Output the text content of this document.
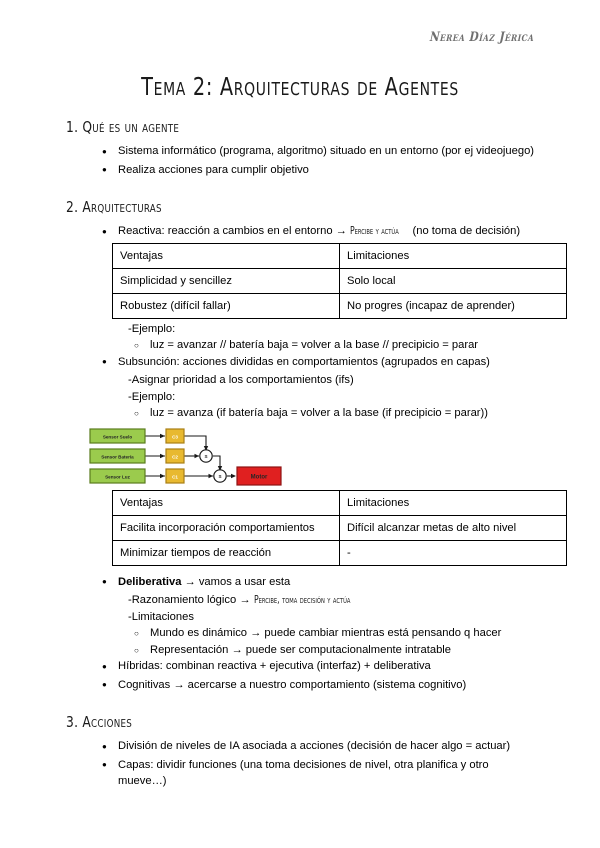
Nerea Díaz Jérica
Tema 2: Arquitecturas de Agentes
1. Qué es un agente
● Sistema informático (programa, algoritmo) situado en un entorno (por ej videojuego)
● Realiza acciones para cumplir objetivo
2. Arquitecturas
● Reactiva: reacción a cambios en el entorno → Percibe y actúa (no toma de decisión)
Ventajas	Limitaciones
Simplicidad y sencillez	Solo local
Robustez (difícil fallar)	No progres (incapaz de aprender)
-Ejemplo:
○ luz = avanzar // batería baja = volver a la base // precipicio = parar
● Subsunción: acciones divididas en comportamientos (agrupados en capas)
-Asignar prioridad a los comportamientos (ifs)
-Ejemplo:
○ luz = avanza (if batería baja = volver a la base (if precipicio = parar))
Sensor Suelo
Sensor Batería
Sensor Luz
C3
C2
C1
S
S	Motor
Ventajas	Limitaciones
Facilita incorporación comportamientos	Difícil alcanzar metas de alto nivel
Minimizar tiempos de reacción	-
● Deliberativa → vamos a usar esta
-Razonamiento lógico → Percibe, toma decisión y actúa
-Limitaciones
○ Mundo es dinámico → puede cambiar mientras está pensando q hacer
○ Representación → puede ser computacionalmente intratable
● Híbridas: combinan reactiva + ejecutiva (interfaz) + deliberativa
● Cognitivas → acercarse a nuestro comportamiento (sistema cognitivo)
3. Acciones
● División de niveles de IA asociada a acciones (decisión de hacer algo = actuar)
● Capas: dividir funciones (una toma decisiones de nivel, otra planifica y otro mueve…)
